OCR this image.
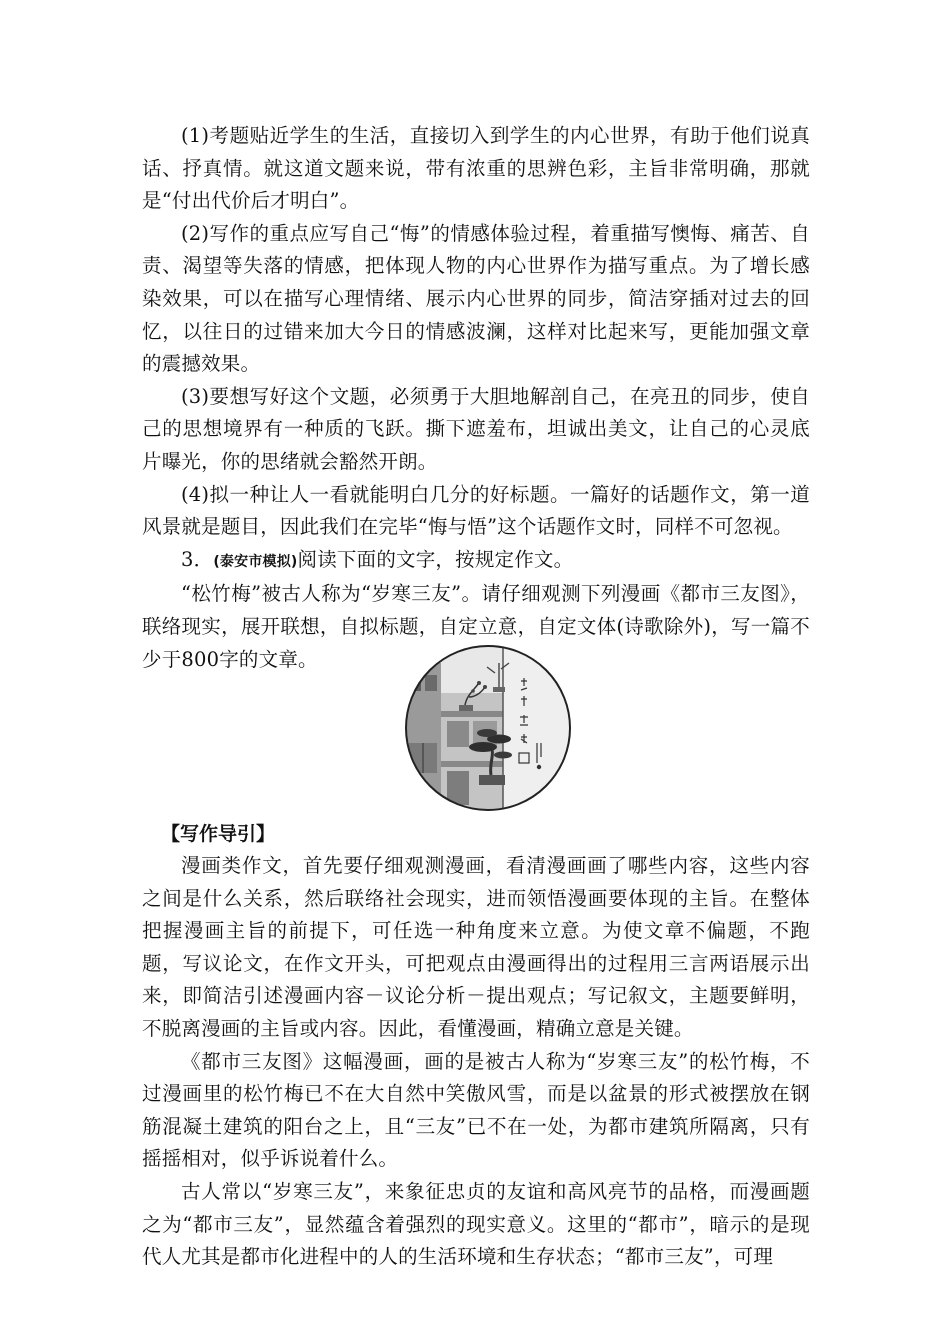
(1)考题贴近学生的生活，直接切入到学生的内心世界，有助于他们说真话、抒真情。就这道文题来说，带有浓重的思辨色彩，主旨非常明确，那就是“付出代价后才明白”。

(2)写作的重点应写自己“悔”的情感体验过程，着重描写懊悔、痛苦、自责、渴望等失落的情感，把体现人物的内心世界作为描写重点。为了增长感染效果，可以在描写心理情绪、展示内心世界的同步，简洁穿插对过去的回忆，以往日的过错来加大今日的情感波澜，这样对比起来写，更能加强文章的震撼效果。

(3)要想写好这个文题，必须勇于大胆地解剖自己，在亮丑的同步，使自己的思想境界有一种质的飞跃。撕下遮羞布，坦诚出美文，让自己的心灵底片曝光，你的思绪就会豁然开朗。

(4)拟一种让人一看就能明白几分的好标题。一篇好的话题作文，第一道风景就是题目，因此我们在完毕“悔与悟”这个话题作文时，同样不可忽视。

3．(泰安市模拟)阅读下面的文字，按规定作文。

“松竹梅”被古人称为“岁寒三友”。请仔细观测下列漫画《都市三友图》，联络现实，展开联想，自拟标题，自定立意，自定文体(诗歌除外)，写一篇不少于800字的文章。

【写作导引】

漫画类作文，首先要仔细观测漫画，看清漫画画了哪些内容，这些内容之间是什么关系，然后联络社会现实，进而领悟漫画要体现的主旨。在整体把握漫画主旨的前提下，可任选一种角度来立意。为使文章不偏题，不跑题，写议论文，在作文开头，可把观点由漫画得出的过程用三言两语展示出来，即简洁引述漫画内容－议论分析－提出观点；写记叙文，主题要鲜明，不脱离漫画的主旨或内容。因此，看懂漫画，精确立意是关键。

《都市三友图》这幅漫画，画的是被古人称为“岁寒三友”的松竹梅，不过漫画里的松竹梅已不在大自然中笑傲风雪，而是以盆景的形式被摆放在钢筋混凝土建筑的阳台之上，且“三友”已不在一处，为都市建筑所隔离，只有摇摇相对，似乎诉说着什么。

古人常以“岁寒三友”，来象征忠贞的友谊和高风亮节的品格，而漫画题之为“都市三友”，显然蕴含着强烈的现实意义。这里的“都市”，暗示的是现代人尤其是都市化进程中的人的生活环境和生存状态；“都市三友”，可理
